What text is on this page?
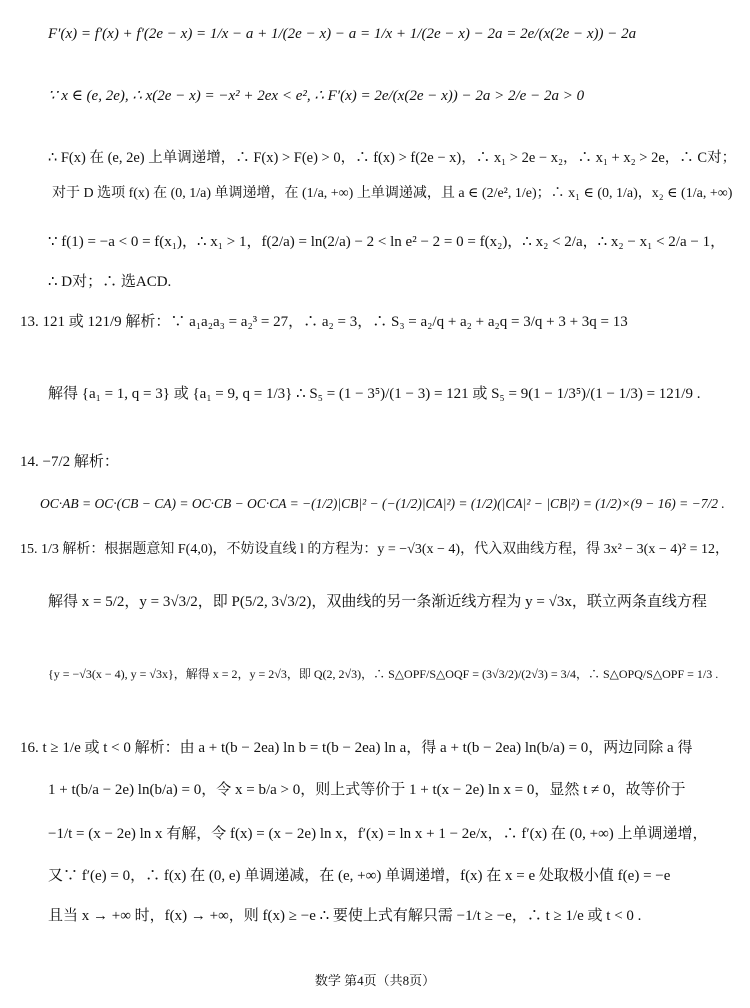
F′(x) = f′(x) + f′(2e − x) = 1/x − a + 1/(2e − x) − a = 1/x + 1/(2e − x) − 2a = 2e/(x(2e − x)) − 2a
∵ x ∈ (e, 2e), ∴ x(2e − x) = −x² + 2ex < e², ∴ F′(x) = 2e/(x(2e − x)) − 2a > 2/e − 2a > 0
∴ F(x) 在 (e, 2e) 上单调递增，∴ F(x) > F(e) > 0，∴ f(x) > f(2e − x)，∴ x₁ > 2e − x₂，∴ x₁ + x₂ > 2e，∴ C对；
对于 D 选项 f(x) 在 (0, 1/a) 单调递增，在 (1/a, +∞) 上单调递减，且 a ∈ (2/e², 1/e)；∴ x₁ ∈ (0, 1/a)，x₂ ∈ (1/a, +∞)
∵ f(1) = −a < 0 = f(x₁)，∴ x₁ > 1，f(2/a) = ln(2/a) − 2 < ln e² − 2 = 0 = f(x₂)，∴ x₂ < 2/a，∴ x₂ − x₁ < 2/a − 1，
∴ D对；∴ 选ACD.
13. 121 或 121/9 解析：∵ a₁a₂a₃ = a₂³ = 27，∴ a₂ = 3，∴ S₃ = a₂/q + a₂ + a₂q = 3/q + 3 + 3q = 13
解得 {a₁ = 1, q = 3} 或 {a₁ = 9, q = 1/3} ∴ S₅ = (1 − 3⁵)/(1 − 3) = 121 或 S₅ = 9(1 − 1/3⁵)/(1 − 1/3) = 121/9 .
14. −7/2 解析：
OC·AB = OC·(CB − CA) = OC·CB − OC·CA = −(1/2)|CB|² − (−(1/2)|CA|²) = (1/2)(|CA|² − |CB|²) = (1/2)×(9 − 16) = −7/2 .
15. 1/3 解析：根据题意知 F(4,0)，不妨设直线 l 的方程为：y = −√3(x − 4)，代入双曲线方程，得 3x² − 3(x − 4)² = 12，
解得 x = 5/2，y = 3√3/2，即 P(5/2, 3√3/2)，双曲线的另一条渐近线方程为 y = √3x，联立两条直线方程
{y = −√3(x − 4), y = √3x}，解得 x = 2，y = 2√3，即 Q(2, 2√3)，∴ S△OPF/S△OQF = (3√3/2)/(2√3) = 3/4，∴ S△OPQ/S△OPF = 1/3 .
16. t ≥ 1/e 或 t < 0 解析：由 a + t(b − 2ea) ln b = t(b − 2ea) ln a，得 a + t(b − 2ea) ln(b/a) = 0，两边同除 a 得
1 + t(b/a − 2e) ln(b/a) = 0，令 x = b/a > 0，则上式等价于 1 + t(x − 2e) ln x = 0，显然 t ≠ 0，故等价于
−1/t = (x − 2e) ln x 有解，令 f(x) = (x − 2e) ln x，f′(x) = ln x + 1 − 2e/x，∴ f′(x) 在 (0, +∞) 上单调递增，
又∵ f′(e) = 0，∴ f(x) 在 (0, e) 单调递减，在 (e, +∞) 单调递增，f(x) 在 x = e 处取极小值 f(e) = −e
且当 x → +∞ 时，f(x) → +∞，则 f(x) ≥ −e ∴ 要使上式有解只需 −1/t ≥ −e，∴ t ≥ 1/e 或 t < 0 .
数学 第4页（共8页）
